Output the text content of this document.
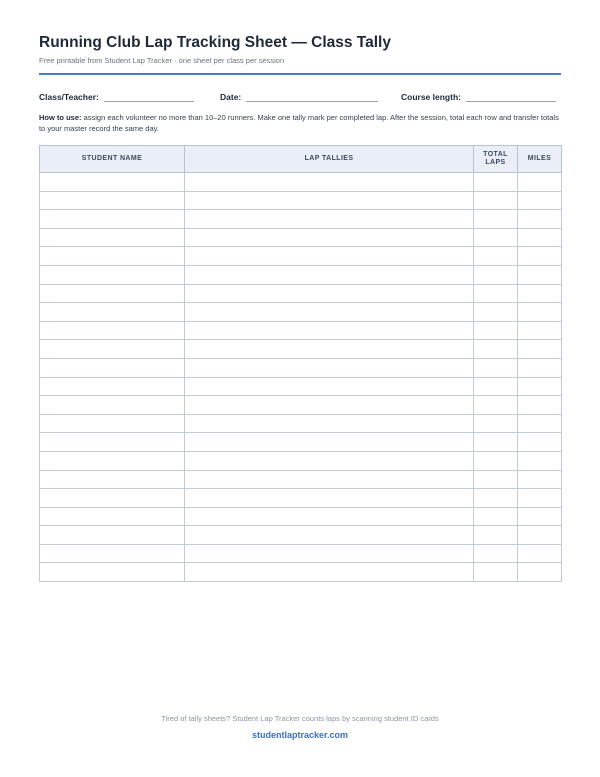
Running Club Lap Tracking Sheet — Class Tally
Free printable from Student Lap Tracker · one sheet per class per session
Class/Teacher:	Date:	Course length:
How to use: assign each volunteer no more than 10–20 runners. Make one tally mark per completed lap. After the session, total each row and transfer totals to your master record the same day.
STUDENT NAME	LAP TALLIES	TOTAL LAPS	MILES

Tired of tally sheets? Student Lap Tracker counts laps by scanning student ID cards
studentlaptracker.com
